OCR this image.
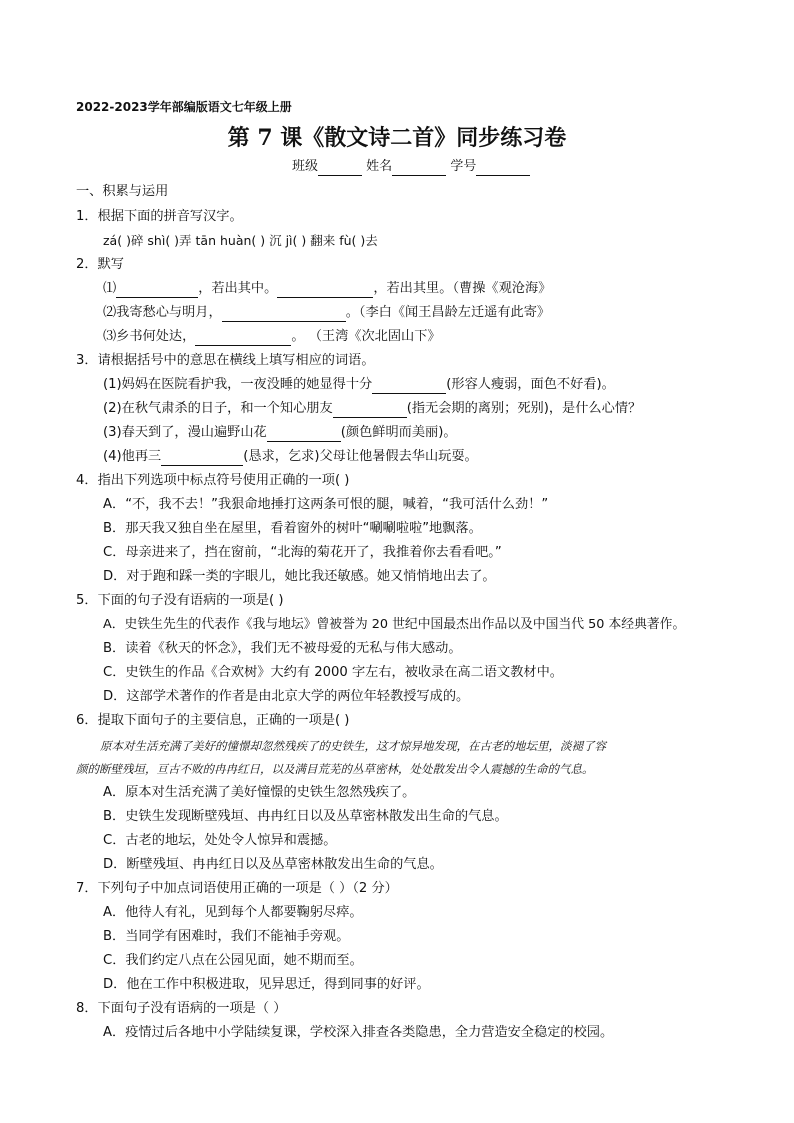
2022-2023学年部编版语文七年级上册
第 7 课《散文诗二首》同步练习卷
班级	姓名	学号
一、积累与运用
1．根据下面的拼音写汉字。
zá( )碎 shì( )弄 tān huàn( ) 沉 jì( ) 翻来 fù( )去
2．默写
⑴	，若出其中。	，若出其里。（曹操《观沧海》
⑵我寄愁心与明月，	。（李白《闻王昌龄左迁遥有此寄》
⑶乡书何处达，	。 （王湾《次北固山下》
3．请根据括号中的意思在横线上填写相应的词语。
(1)妈妈在医院看护我，一夜没睡的她显得十分	(形容人瘦弱，面色不好看)。
(2)在秋气肃杀的日子，和一个知心朋友	(指无会期的离别；死别)，是什么心情？
(3)春天到了，漫山遍野山花	(颜色鲜明而美丽)。
(4)他再三	(恳求，乞求)父母让他暑假去华山玩耍。
4．指出下列选项中标点符号使用正确的一项( )
A．“不，我不去！”我狠命地捶打这两条可恨的腿，喊着，“我可活什么劲！”
B．那天我又独自坐在屋里，看着窗外的树叶“唰唰啦啦”地飘落。
C．母亲进来了，挡在窗前，“北海的菊花开了，我推着你去看看吧。”
D．对于跑和踩一类的字眼儿，她比我还敏感。她又悄悄地出去了。
5．下面的句子没有语病的一项是( )
A．史铁生先生的代表作《我与地坛》曾被誉为 20 世纪中国最杰出作品以及中国当代 50 本经典著作。
B．读着《秋天的怀念》，我们无不被母爱的无私与伟大感动。
C．史铁生的作品《合欢树》大约有 2000 字左右，被收录在高二语文教材中。
D．这部学术著作的作者是由北京大学的两位年轻教授写成的。
6．提取下面句子的主要信息，正确的一项是( )
原本对生活充满了美好的憧憬却忽然残疾了的史铁生，这才惊异地发现，在古老的地坛里，淡褪了容
颜的断壁残垣，亘古不败的冉冉红日，以及满目荒芜的丛草密林，处处散发出令人震撼的生命的气息。
A．原本对生活充满了美好憧憬的史铁生忽然残疾了。
B．史铁生发现断壁残垣、冉冉红日以及丛草密林散发出生命的气息。
C．古老的地坛，处处令人惊异和震撼。
D．断壁残垣、冉冉红日以及丛草密林散发出生命的气息。
7．下列句子中加点词语使用正确的一项是（ ）（2 分）
A．他待人有礼，见到每个人都要鞠躬尽瘁。
B．当同学有困难时，我们不能袖手旁观。
C．我们约定八点在公园见面，她不期而至。
D．他在工作中积极进取，见异思迁，得到同事的好评。
8．下面句子没有语病的一项是（ ）
A．疫情过后各地中小学陆续复课，学校深入排查各类隐患，全力营造安全稳定的校园。
